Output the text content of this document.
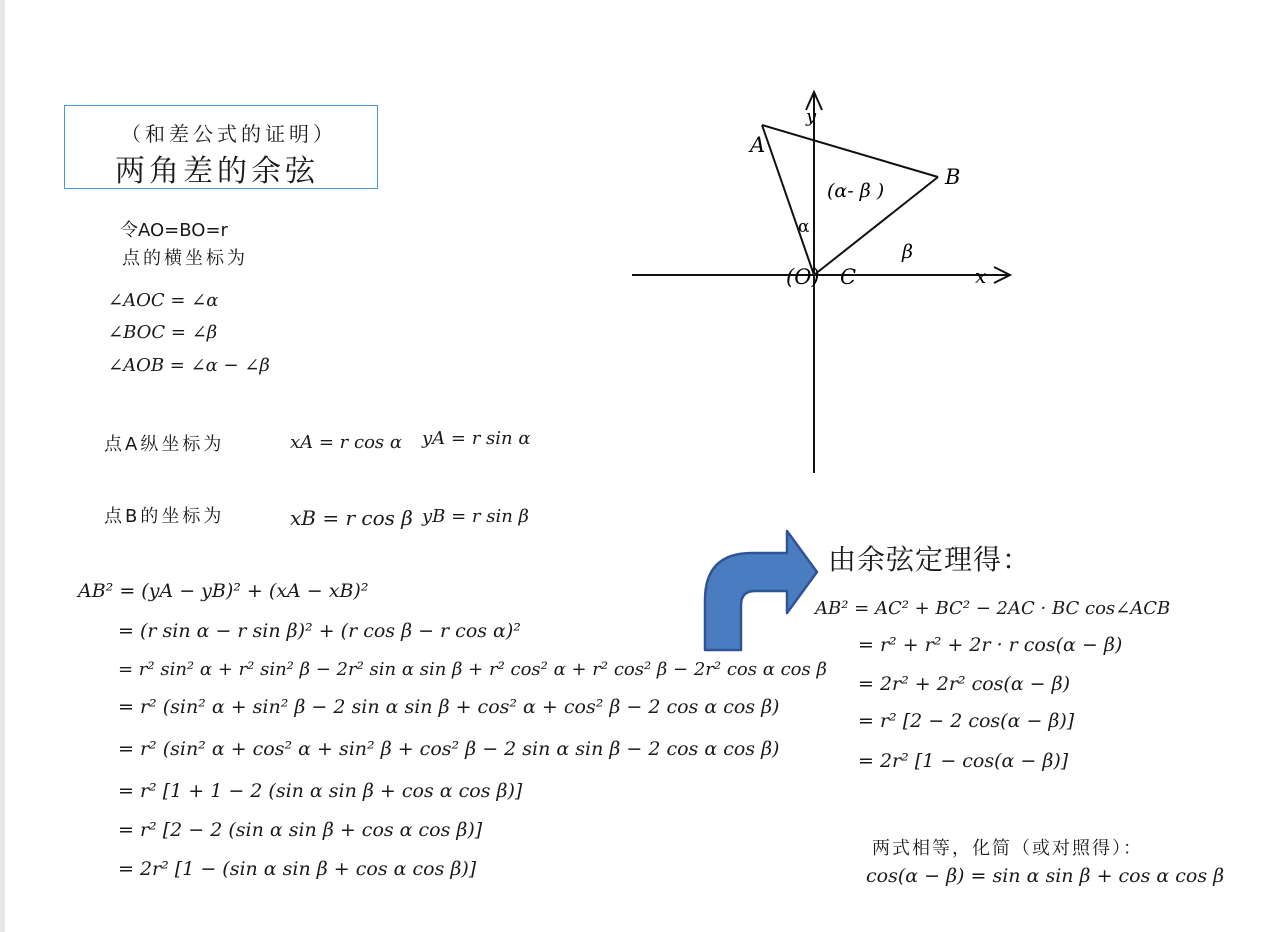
（和差公式的证明）
两角差的余弦
令AO=BO=r
点的横坐标为
∠AOC = ∠α
∠BOC = ∠β
∠AOB = ∠α − ∠β
点A纵坐标为	xA = r cos α yA = r sin α
点B的坐标为	xB = r cos β yB = r sin β
AB² = (yA − yB)² + (xA − xB)²
= (r sin α − r sin β)² + (r cos β − r cos α)²
= r² sin² α + r² sin² β − 2r² sin α sin β + r² cos² α + r² cos² β − 2r² cos α cos β
= r² (sin² α + sin² β − 2 sin α sin β + cos² α + cos² β − 2 cos α cos β)
= r² (sin² α + cos² α + sin² β + cos² β − 2 sin α sin β − 2 cos α cos β)
= r² [1 + 1 − 2 (sin α sin β + cos α cos β)]
= r² [2 − 2 (sin α sin β + cos α cos β)]
= 2r² [1 − (sin α sin β + cos α cos β)]
y
x
A
B
(O) C
α
β
(α- β )
由余弦定理得：
AB² = AC² + BC² − 2AC · BC cos∠ACB
= r² + r² + 2r · r cos(α − β)
= 2r² + 2r² cos(α − β)
= r² [2 − 2 cos(α − β)]
= 2r² [1 − cos(α − β)]
两式相等，化简（或对照得）：
cos(α − β) = sin α sin β + cos α cos β
